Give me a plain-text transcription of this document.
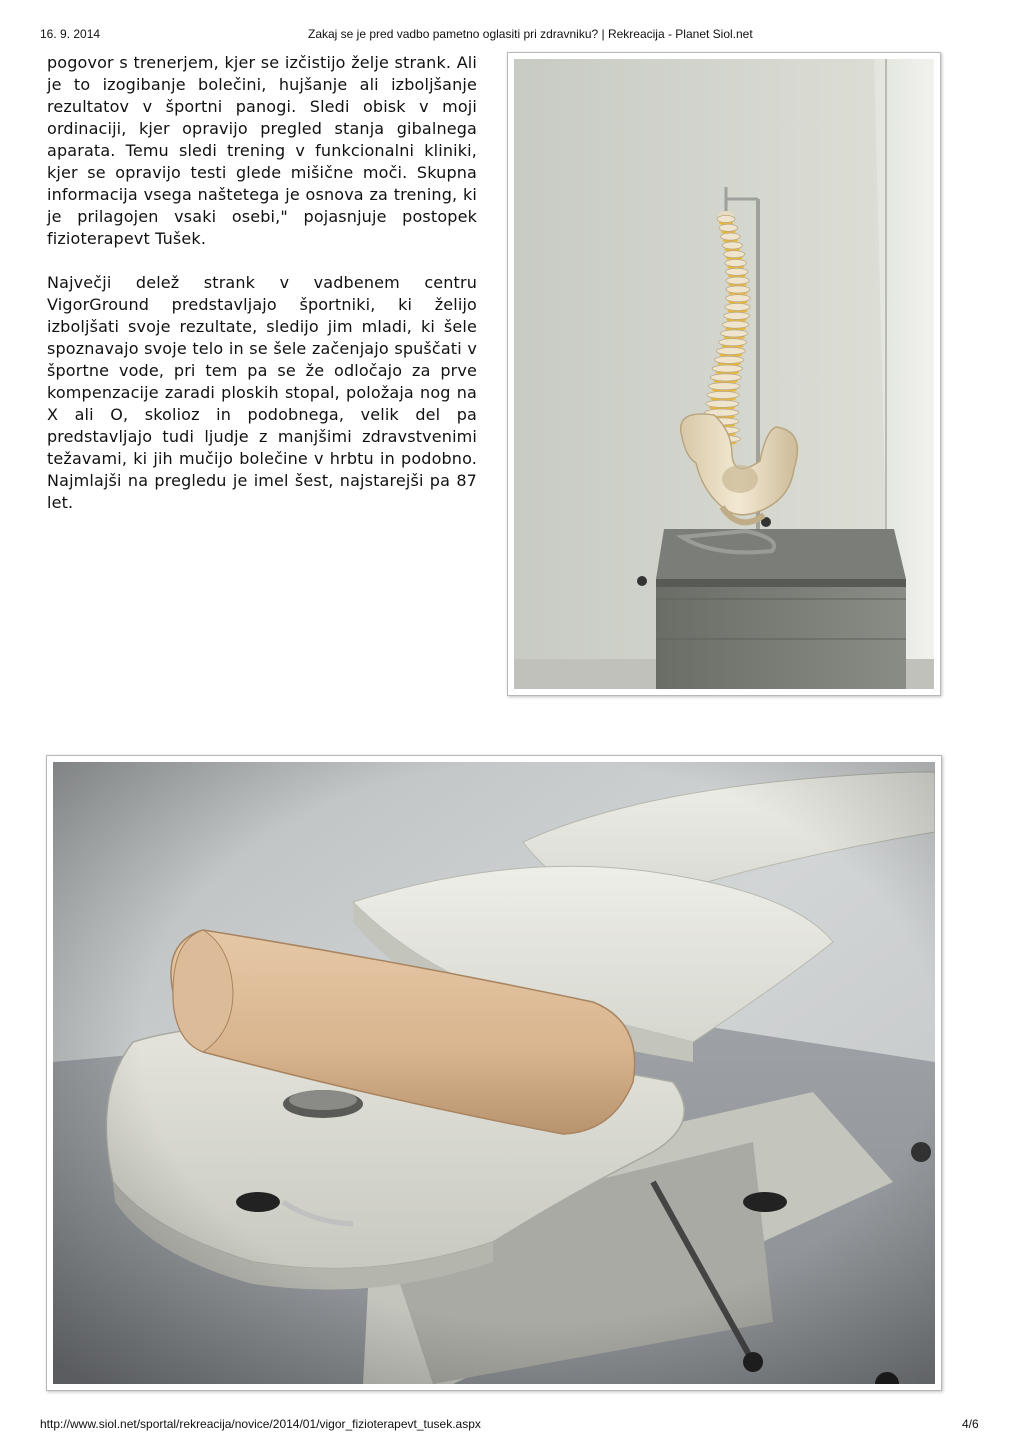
16. 9. 2014	Zakaj se je pred vadbo pametno oglasiti pri zdravniku? | Rekreacija - Planet Siol.net

pogovor s trenerjem, kjer se izčistijo želje strank. Ali je to izogibanje bolečini, hujšanje ali izboljšanje rezultatov v športni panogi. Sledi obisk v moji ordinaciji, kjer opravijo pregled stanja gibalnega aparata. Temu sledi trening v funkcionalni kliniki, kjer se opravijo testi glede mišične moči. Skupna informacija vsega naštetega je osnova za trening, ki je prilagojen vsaki osebi," pojasnjuje postopek fizioterapevt Tušek.

Največji delež strank v vadbenem centru VigorGround predstavljajo športniki, ki želijo izboljšati svoje rezultate, sledijo jim mladi, ki šele spoznavajo svoje telo in se šele začenjajo spuščati v športne vode, pri tem pa se že odločajo za prve kompenzacije zaradi ploskih stopal, položaja nog na X ali O, skolioz in podobnega, velik del pa predstavljajo tudi ljudje z manjšimi zdravstvenimi težavami, ki jih mučijo bolečine v hrbtu in podobno. Najmlajši na pregledu je imel šest, najstarejši pa 87 let.

http://www.siol.net/sportal/rekreacija/novice/2014/01/vigor_fizioterapevt_tusek.aspx	4/6
